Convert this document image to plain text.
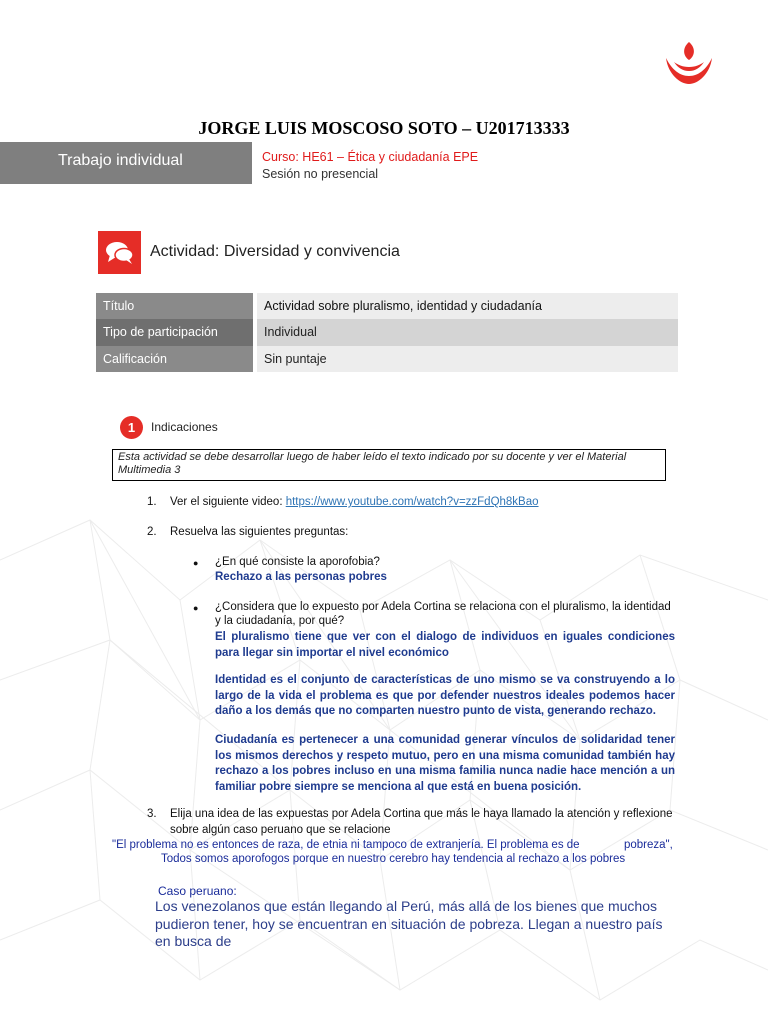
JORGE LUIS MOSCOSO SOTO – U201713333
Trabajo individual	Curso: HE61 – Ética y ciudadanía EPE
Sesión no presencial
Actividad: Diversidad y convivencia
Título	Actividad sobre pluralismo, identidad y ciudadanía
Tipo de participación	Individual
Calificación	Sin puntaje
1	Indicaciones
Esta actividad se debe desarrollar luego de haber leído el texto indicado por su docente y ver el Material
Multimedia 3
1. Ver el siguiente video: https://www.youtube.com/watch?v=zzFdQh8kBao
2. Resuelva las siguientes preguntas:
● ¿En qué consiste la aporofobia?
Rechazo a las personas pobres
● ¿Considera que lo expuesto por Adela Cortina se relaciona con el pluralismo, la identidad
y la ciudadanía, por qué?
El pluralismo tiene que ver con el dialogo de individuos en iguales condiciones para llegar sin importar el nivel económico
Identidad es el conjunto de características de uno mismo se va construyendo a lo largo de la vida el problema es que por defender nuestros ideales podemos hacer daño a los demás que no comparten nuestro punto de vista, generando rechazo.
Ciudadanía es pertenecer a una comunidad generar vínculos de solidaridad tener los mismos derechos y respeto mutuo, pero en una misma comunidad también hay rechazo a los pobres incluso en una misma familia nunca nadie hace mención a un familiar pobre siempre se menciona al que está en buena posición.
3. Elija una idea de las expuestas por Adela Cortina que más le haya llamado la atención y reflexione
sobre algún caso peruano que se relacione
"El problema no es entonces de raza, de etnia ni tampoco de extranjería. El problema es de	pobreza",
Todos somos aporofogos porque en nuestro cerebro hay tendencia al rechazo a los pobres
Caso peruano:
Los venezolanos que están llegando al Perú, más allá de los bienes que muchos pudieron tener, hoy se encuentran en situación de pobreza. Llegan a nuestro país en busca de
